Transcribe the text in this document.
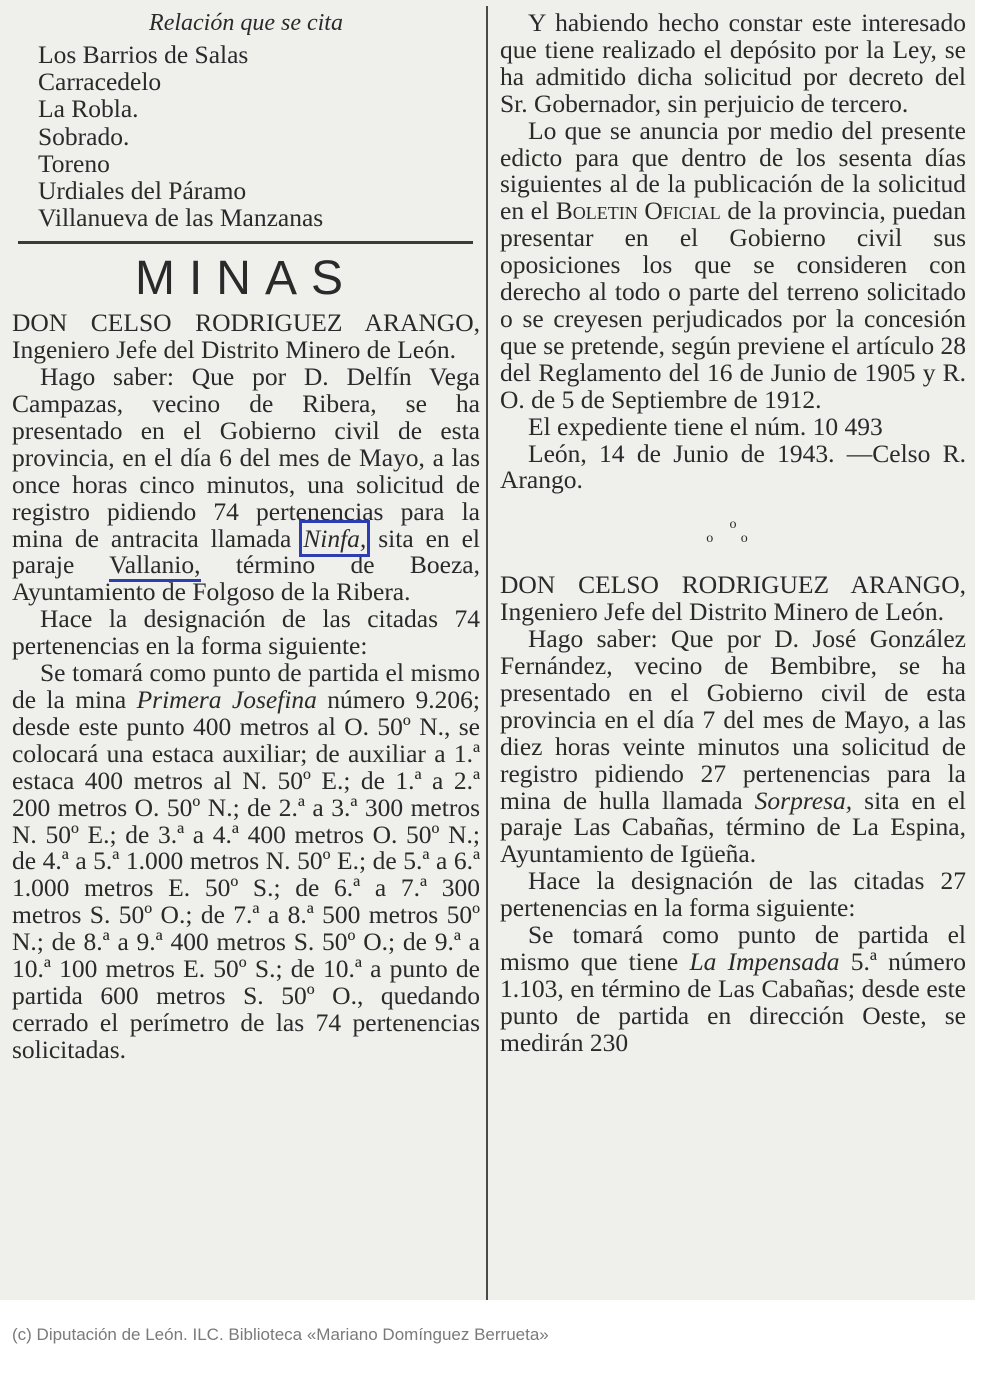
Relación que se cita

Los Barrios de Salas
Carracedelo
La Robla.
Sobrado.
Toreno
Urdiales del Páramo
Villanueva de las Manzanas

MINAS

DON CELSO RODRIGUEZ ARANGO, Ingeniero Jefe del Distrito Minero de León.

Hago saber: Que por D. Delfín Vega Campazas, vecino de Ribera, se ha presentado en el Gobierno civil de esta provincia, en el día 6 del mes de Mayo, a las once horas cinco minutos, una solicitud de registro pidiendo 74 pertenencias para la mina de antracita llamada Ninfa, sita en el paraje Vallanio, término de Boeza, Ayuntamiento de Folgoso de la Ribera.

Hace la designación de las citadas 74 pertenencias en la forma siguiente:

Se tomará como punto de partida el mismo de la mina Primera Josefina número 9.206; desde este punto 400 metros al O. 50º N., se colocará una estaca auxiliar; de auxiliar a 1.ª estaca 400 metros al N. 50º E.; de 1.ª a 2.ª 200 metros O. 50º N.; de 2.ª a 3.ª 300 metros N. 50º E.; de 3.ª a 4.ª 400 metros O. 50º N.; de 4.ª a 5.ª 1.000 metros N. 50º E.; de 5.ª a 6.ª 1.000 metros E. 50º S.; de 6.ª a 7.ª 300 metros S. 50º O.; de 7.ª a 8.ª 500 metros 50º N.; de 8.ª a 9.ª 400 metros S. 50º O.; de 9.ª a 10.ª 100 metros E. 50º S.; de 10.ª a punto de partida 600 metros S. 50º O., quedando cerrado el perímetro de las 74 pertenencias solicitadas.

Y habiendo hecho constar este interesado que tiene realizado el depósito por la Ley, se ha admitido dicha solicitud por decreto del Sr. Gobernador, sin perjuicio de tercero.

Lo que se anuncia por medio del presente edicto para que dentro de los sesenta días siguientes al de la publicación de la solicitud en el Boletin Oficial de la provincia, puedan presentar en el Gobierno civil sus oposiciones los que se consideren con derecho al todo o parte del terreno solicitado o se creyesen perjudicados por la concesión que se pretende, según previene el artículo 28 del Reglamento del 16 de Junio de 1905 y R. O. de 5 de Septiembre de 1912.

El expediente tiene el núm. 10 493

León, 14 de Junio de 1943. —Celso R. Arango.

o

o o

DON CELSO RODRIGUEZ ARANGO, Ingeniero Jefe del Distrito Minero de León.

Hago saber: Que por D. José González Fernández, vecino de Bembibre, se ha presentado en el Gobierno civil de esta provincia en el día 7 del mes de Mayo, a las diez horas veinte minutos una solicitud de registro pidiendo 27 pertenencias para la mina de hulla llamada Sorpresa, sita en el paraje Las Cabañas, término de La Espina, Ayuntamiento de Igüeña.

Hace la designación de las citadas 27 pertenencias en la forma siguiente:

Se tomará como punto de partida el mismo que tiene La Impensada 5.ª número 1.103, en término de Las Cabañas; desde este punto de partida en dirección Oeste, se medirán 230

(c) Diputación de León. ILC. Biblioteca «Mariano Domínguez Berrueta»
